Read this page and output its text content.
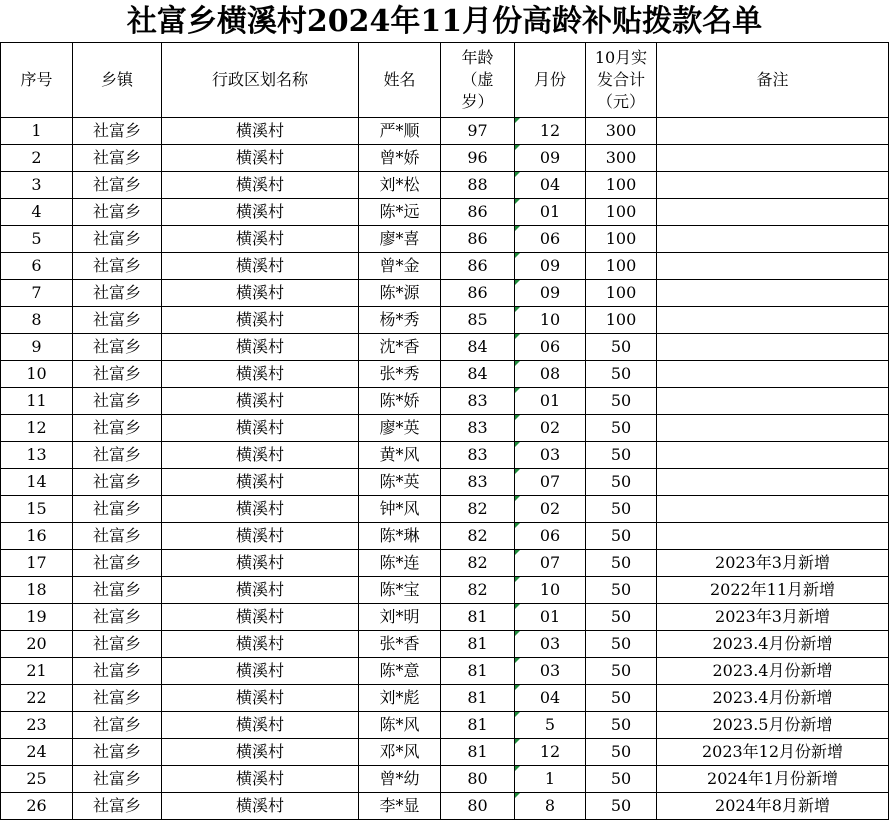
社富乡横溪村2024年11月份高龄补贴拨款名单
序号	乡镇	行政区划名称	姓名	年龄（虚岁）	月份	10月实发合计（元）	备注
1	社富乡	横溪村	严*顺	97	12	300	
2	社富乡	横溪村	曾*娇	96	09	300	
3	社富乡	横溪村	刘*松	88	04	100	
4	社富乡	横溪村	陈*远	86	01	100	
5	社富乡	横溪村	廖*喜	86	06	100	
6	社富乡	横溪村	曾*金	86	09	100	
7	社富乡	横溪村	陈*源	86	09	100	
8	社富乡	横溪村	杨*秀	85	10	100	
9	社富乡	横溪村	沈*香	84	06	50	
10	社富乡	横溪村	张*秀	84	08	50	
11	社富乡	横溪村	陈*娇	83	01	50	
12	社富乡	横溪村	廖*英	83	02	50	
13	社富乡	横溪村	黄*风	83	03	50	
14	社富乡	横溪村	陈*英	83	07	50	
15	社富乡	横溪村	钟*风	82	02	50	
16	社富乡	横溪村	陈*琳	82	06	50	
17	社富乡	横溪村	陈*连	82	07	50	2023年3月新增
18	社富乡	横溪村	陈*宝	82	10	50	2022年11月新增
19	社富乡	横溪村	刘*明	81	01	50	2023年3月新增
20	社富乡	横溪村	张*香	81	03	50	2023.4月份新增
21	社富乡	横溪村	陈*意	81	03	50	2023.4月份新增
22	社富乡	横溪村	刘*彪	81	04	50	2023.4月份新增
23	社富乡	横溪村	陈*风	81	5	50	2023.5月份新增
24	社富乡	横溪村	邓*风	81	12	50	2023年12月份新增
25	社富乡	横溪村	曾*幼	80	1	50	2024年1月份新增
26	社富乡	横溪村	李*显	80	8	50	2024年8月新增
